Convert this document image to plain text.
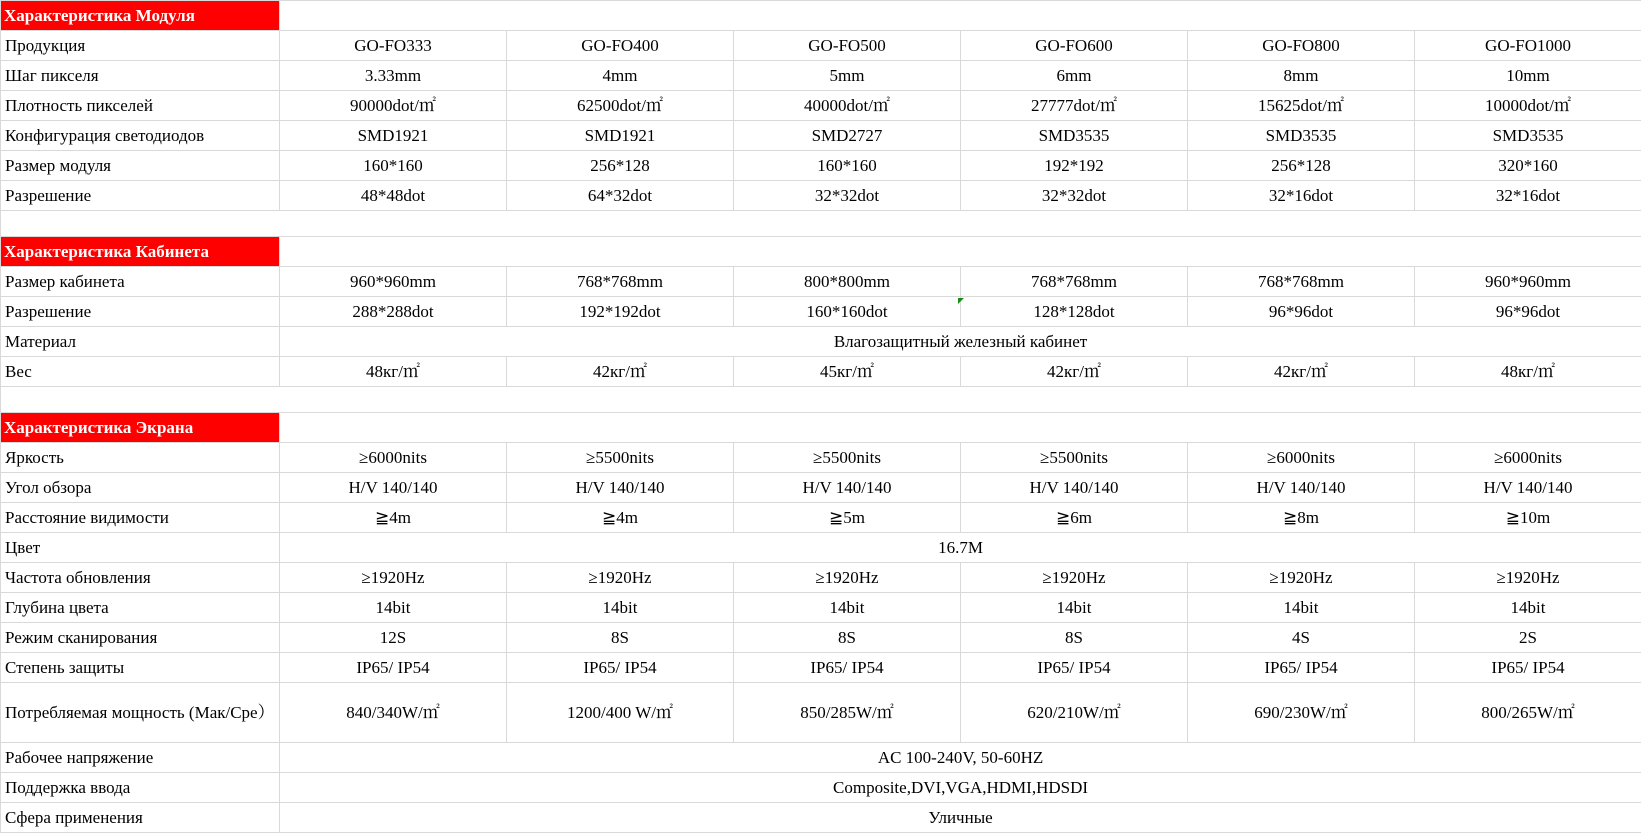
Характеристика Модуля						
Продукция	GO-FO333	GO-FO400	GO-FO500	GO-FO600	GO-FO800	GO-FO1000
Шаг пикселя	3.33mm	4mm	5mm	6mm	8mm	10mm
Плотность пикселей	90000dot/㎡	62500dot/㎡	40000dot/㎡	27777dot/㎡	15625dot/㎡	10000dot/㎡
Конфигурация светодиодов	SMD1921	SMD1921	SMD2727	SMD3535	SMD3535	SMD3535
Размер модуля	160*160	256*128	160*160	192*192	256*128	320*160
Разрешение	48*48dot	64*32dot	32*32dot	32*32dot	32*16dot	32*16dot

Характеристика Кабинета						
Размер кабинета	960*960mm	768*768mm	800*800mm	768*768mm	768*768mm	960*960mm
Разрешение	288*288dot	192*192dot	160*160dot	128*128dot	96*96dot	96*96dot
Материал	Влагозащитный железный кабинет					
Вес	48кг/㎡	42кг/㎡	45кг/㎡	42кг/㎡	42кг/㎡	48кг/㎡

Характеристика Экрана						
Яркость	≥6000nits	≥5500nits	≥5500nits	≥5500nits	≥6000nits	≥6000nits
Угол обзора	H/V 140/140	H/V 140/140	H/V 140/140	H/V 140/140	H/V 140/140	H/V 140/140
Расстояние видимости	≧4m	≧4m	≧5m	≧6m	≧8m	≧10m
Цвет	16.7M					
Частота обновления	≥1920Hz	≥1920Hz	≥1920Hz	≥1920Hz	≥1920Hz	≥1920Hz
Глубина цвета	14bit	14bit	14bit	14bit	14bit	14bit
Режим сканирования	12S	8S	8S	8S	4S	2S
Степень защиты	IP65/ IP54	IP65/ IP54	IP65/ IP54	IP65/ IP54	IP65/ IP54	IP65/ IP54
Потребляемая мощность (Мак/Сре）	840/340W/㎡	1200/400 W/㎡	850/285W/㎡	620/210W/㎡	690/230W/㎡	800/265W/㎡
Рабочее напряжение	AC 100-240V, 50-60HZ					
Поддержка ввода	Composite,DVI,VGA,HDMI,HDSDI					
Сфера применения	Уличные					
